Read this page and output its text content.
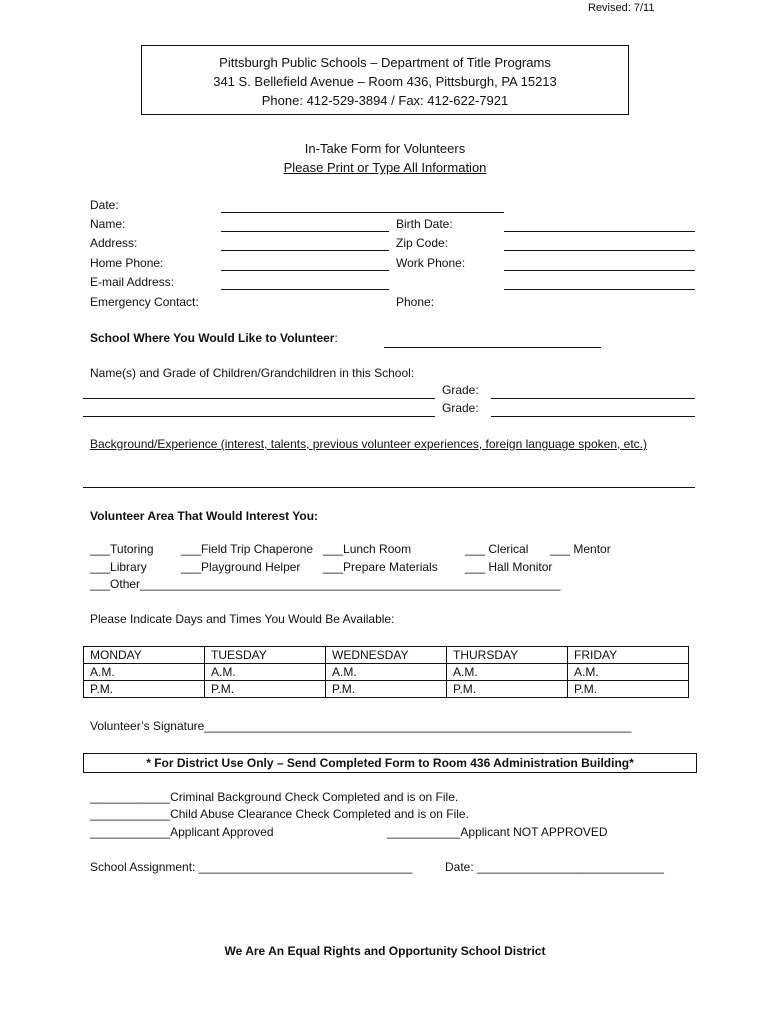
Revised: 7/11
Pittsburgh Public Schools – Department of Title Programs
341 S. Bellefield Avenue – Room 436, Pittsburgh, PA 15213
Phone: 412-529-3894 / Fax: 412-622-7921
In-Take Form for Volunteers
Please Print or Type All Information
Date:
Name:	Birth Date:
Address:	Zip Code:
Home Phone:	Work Phone:
E-mail Address:
Emergency Contact:	Phone:
School Where You Would Like to Volunteer:
Name(s) and Grade of Children/Grandchildren in this School:
Grade:
Grade:
Background/Experience (interest, talents, previous volunteer experiences, foreign language spoken, etc.)
Volunteer Area That Would Interest You:
___Tutoring ___Field Trip Chaperone ___Lunch Room	___ Clerical ___ Mentor
___Library	___Playground Helper ___Prepare Materials ___ Hall Monitor
___Other_______________________________________________________________
Please Indicate Days and Times You Would Be Available:
MONDAY	TUESDAY	WEDNESDAY	THURSDAY	FRIDAY
A.M.	A.M.	A.M.	A.M.	A.M.
P.M.	P.M.	P.M.	P.M.	P.M.
Volunteer’s Signature________________________________________________________________
* For District Use Only – Send Completed Form to Room 436 Administration Building*
____________Criminal Background Check Completed and is on File.
____________Child Abuse Clearance Check Completed and is on File.
____________Applicant Approved	___________Applicant NOT APPROVED
School Assignment: ________________________________	Date: ____________________________
We Are An Equal Rights and Opportunity School District
